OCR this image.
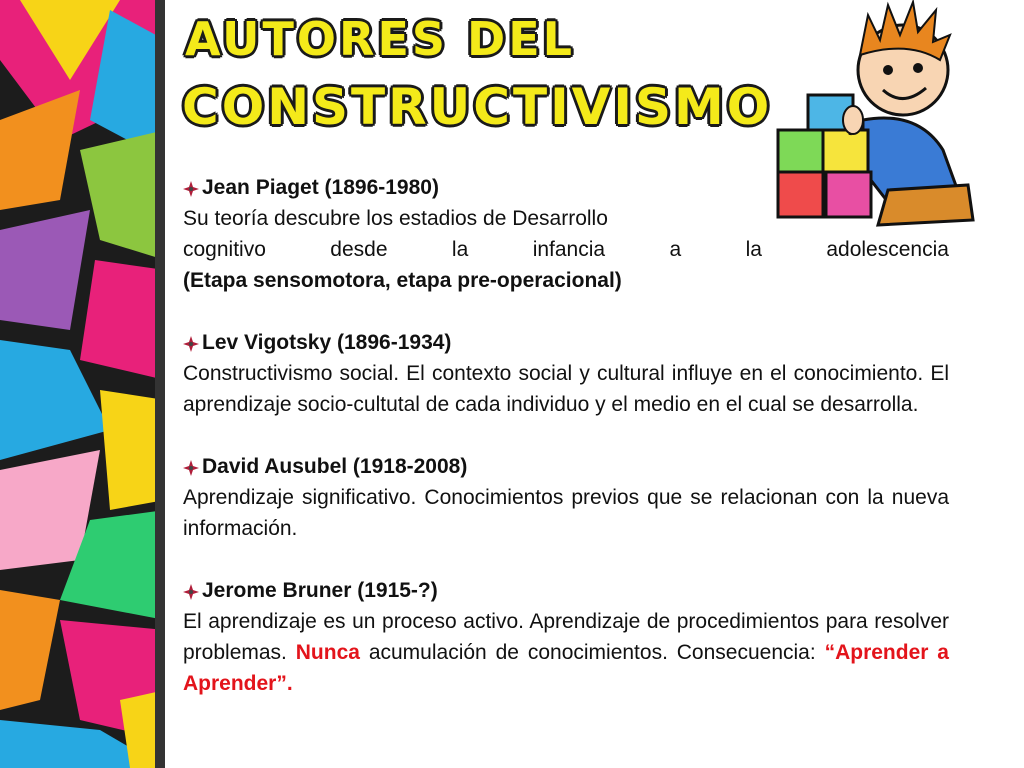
AUTORES DEL
CONSTRUCTIVISMO
Jean Piaget (1896-1980)
Su teoría descubre los estadios de Desarrollo
cognitivo	desde	la	infancia	a	la	adolescencia
(Etapa sensomotora, etapa pre-operacional)
Lev Vigotsky (1896-1934)

Constructivismo social. El contexto social y cultural influye en el conocimiento. El aprendizaje socio-cultutal de cada individuo y el medio en el cual se desarrolla.

David Ausubel (1918-2008)

Aprendizaje significativo. Conocimientos previos que se relacionan con la nueva información.

Jerome Bruner (1915-?)

El aprendizaje es un proceso activo. Aprendizaje de procedimientos para resolver problemas. Nunca acumulación de conocimientos. Consecuencia: “Aprender a Aprender”.
